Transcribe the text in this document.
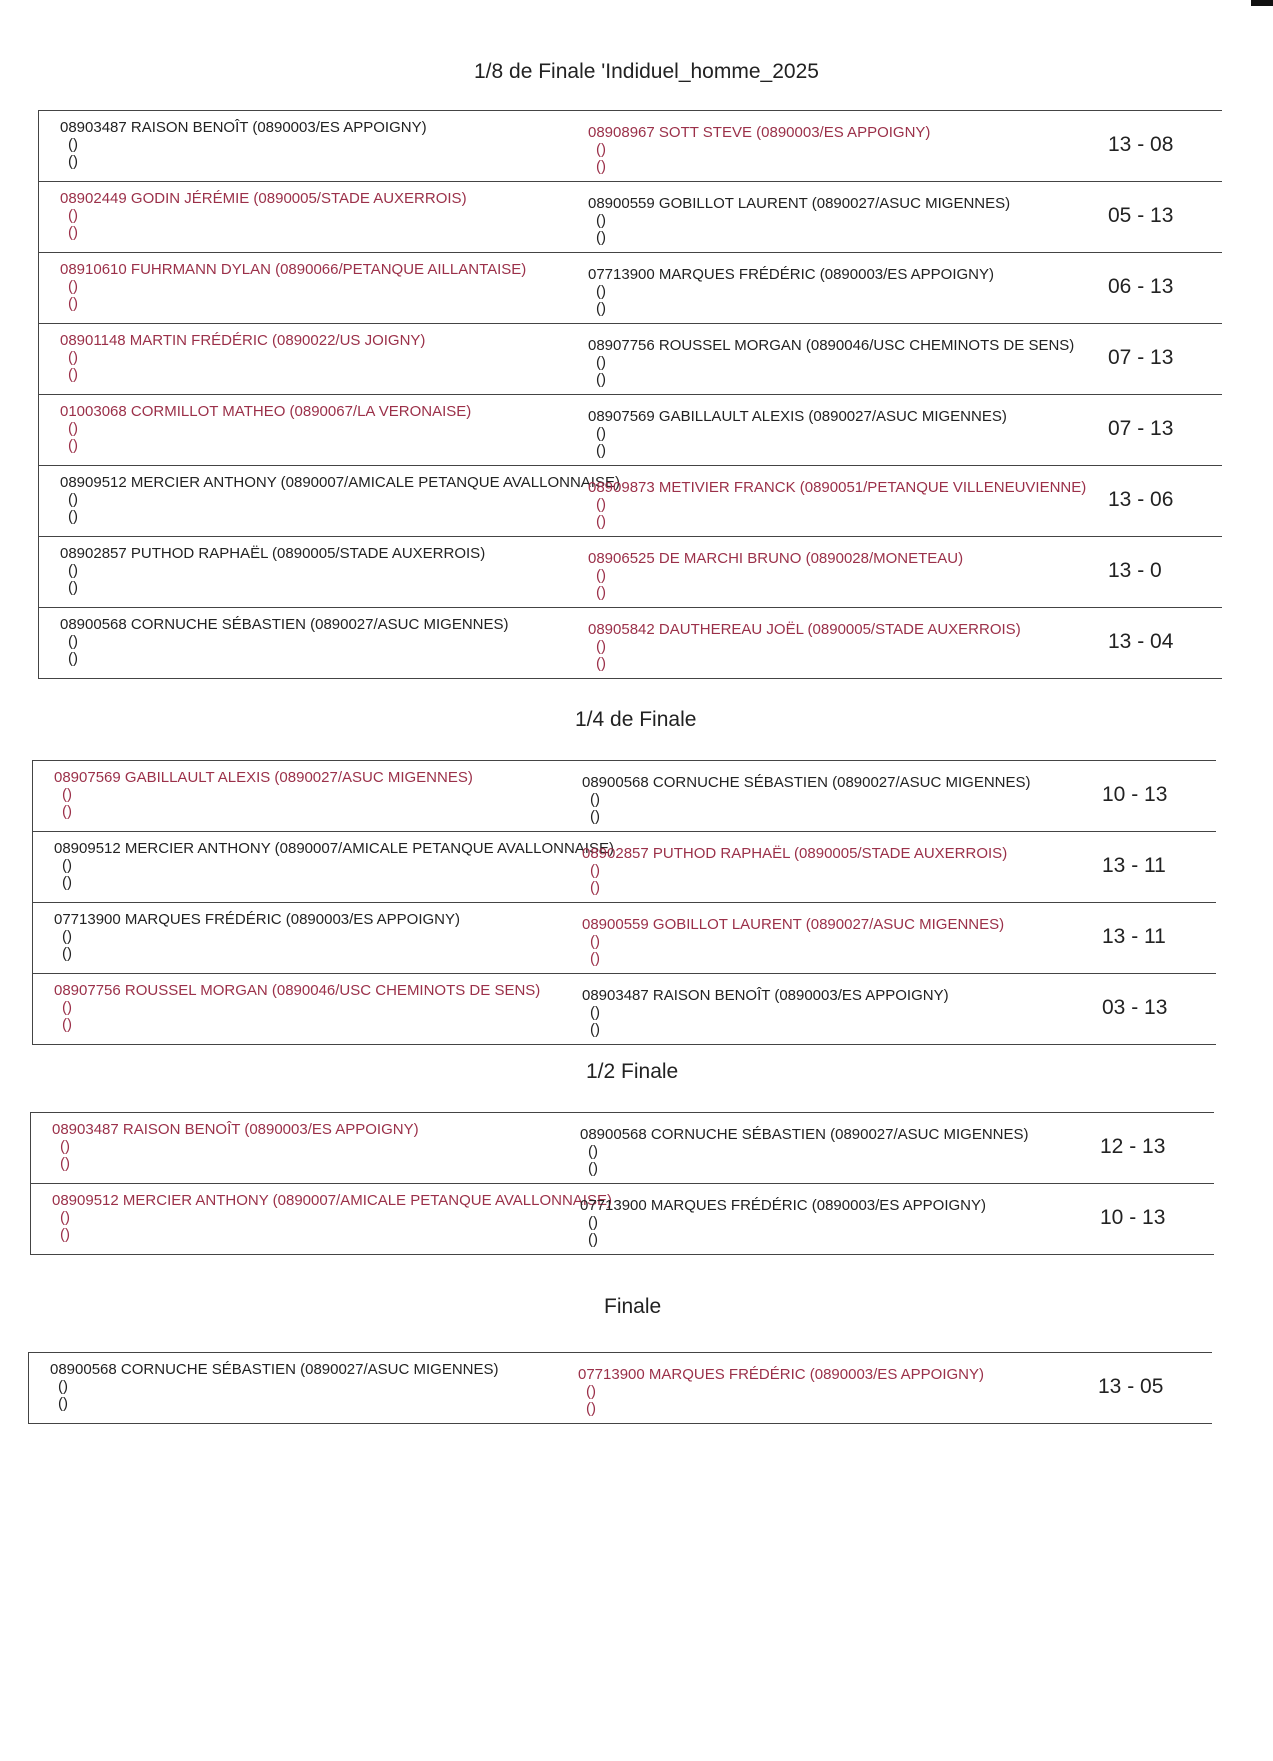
1/8 de Finale 'Indiduel_homme_2025
08903487 RAISON BENOÎT (0890003/ES APPOIGNY)
()
()
08908967 SOTT STEVE (0890003/ES APPOIGNY)
()
()
13 - 08
08902449 GODIN JÉRÉMIE (0890005/STADE AUXERROIS)
()
()
08900559 GOBILLOT LAURENT (0890027/ASUC MIGENNES)
()
()
05 - 13
08910610 FUHRMANN DYLAN (0890066/PETANQUE AILLANTAISE)
()
()
07713900 MARQUES FRÉDÉRIC (0890003/ES APPOIGNY)
()
()
06 - 13
08901148 MARTIN FRÉDÉRIC (0890022/US JOIGNY)
()
()
08907756 ROUSSEL MORGAN (0890046/USC CHEMINOTS DE SENS)
()
()
07 - 13
01003068 CORMILLOT MATHEO (0890067/LA VERONAISE)
()
()
08907569 GABILLAULT ALEXIS (0890027/ASUC MIGENNES)
()
()
07 - 13
08909512 MERCIER ANTHONY (0890007/AMICALE PETANQUE AVALLONNAISE)
()
()
08909873 METIVIER FRANCK (0890051/PETANQUE VILLENEUVIENNE)
()
()
13 - 06
08902857 PUTHOD RAPHAËL (0890005/STADE AUXERROIS)
()
()
08906525 DE MARCHI BRUNO (0890028/MONETEAU)
()
()
13 - 0
08900568 CORNUCHE SÉBASTIEN (0890027/ASUC MIGENNES)
()
()
08905842 DAUTHEREAU JOËL (0890005/STADE AUXERROIS)
()
()
13 - 04
1/4 de Finale
08907569 GABILLAULT ALEXIS (0890027/ASUC MIGENNES)
()
()
08900568 CORNUCHE SÉBASTIEN (0890027/ASUC MIGENNES)
()
()
10 - 13
08909512 MERCIER ANTHONY (0890007/AMICALE PETANQUE AVALLONNAISE)
()
()
08902857 PUTHOD RAPHAËL (0890005/STADE AUXERROIS)
()
()
13 - 11
07713900 MARQUES FRÉDÉRIC (0890003/ES APPOIGNY)
()
()
08900559 GOBILLOT LAURENT (0890027/ASUC MIGENNES)
()
()
13 - 11
08907756 ROUSSEL MORGAN (0890046/USC CHEMINOTS DE SENS)
()
()
08903487 RAISON BENOÎT (0890003/ES APPOIGNY)
()
()
03 - 13
1/2 Finale
08903487 RAISON BENOÎT (0890003/ES APPOIGNY)
()
()
08900568 CORNUCHE SÉBASTIEN (0890027/ASUC MIGENNES)
()
()
12 - 13
08909512 MERCIER ANTHONY (0890007/AMICALE PETANQUE AVALLONNAISE)
()
()
07713900 MARQUES FRÉDÉRIC (0890003/ES APPOIGNY)
()
()
10 - 13
Finale
08900568 CORNUCHE SÉBASTIEN (0890027/ASUC MIGENNES)
()
()
07713900 MARQUES FRÉDÉRIC (0890003/ES APPOIGNY)
()
()
13 - 05
